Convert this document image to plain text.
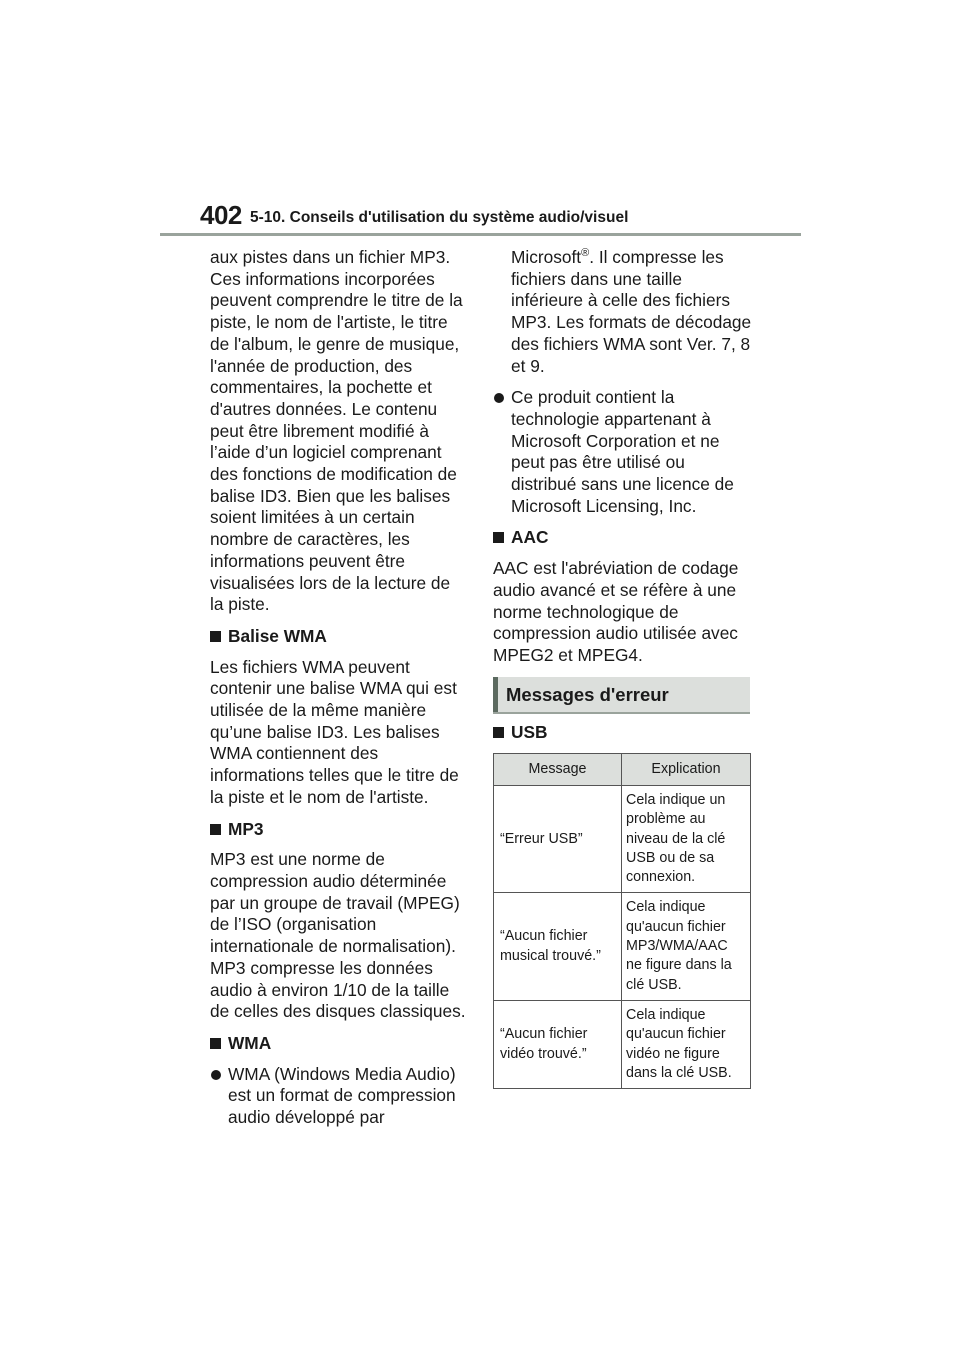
402 5-10. Conseils d'utilisation du système audio/visuel

aux pistes dans un fichier MP3. Ces informations incorporées peuvent comprendre le titre de la piste, le nom de l'artiste, le titre de l'album, le genre de musique, l'année de production, des commentaires, la pochette et d'autres données. Le contenu peut être librement modifié à l’aide d’un logiciel comprenant des fonctions de modification de balise ID3. Bien que les balises soient limitées à un certain nombre de caractères, les informations peuvent être visualisées lors de la lecture de la piste.

Balise WMA

Les fichiers WMA peuvent contenir une balise WMA qui est utilisée de la même manière qu’une balise ID3. Les balises WMA contiennent des informations telles que le titre de la piste et le nom de l'artiste.

MP3

MP3 est une norme de compression audio déterminée par un groupe de travail (MPEG) de l’ISO (organisation internationale de normalisation). MP3 compresse les données audio à environ 1/10 de la taille de celles des disques classiques.

WMA
WMA (Windows Media Audio) est un format de compression audio développé par

Microsoft®. Il compresse les fichiers dans une taille inférieure à celle des fichiers MP3. Les formats de décodage des fichiers WMA sont Ver. 7, 8 et 9.

Ce produit contient la technologie appartenant à Microsoft Corporation et ne peut pas être utilisé ou distribué sans une licence de Microsoft Licensing, Inc.
AAC

AAC est l'abréviation de codage audio avancé et se réfère à une norme technologique de compression audio utilisée avec MPEG2 et MPEG4.

Messages d'erreur
USB
Message	Explication
“Erreur USB”	Cela indique un problème au niveau de la clé USB ou de sa connexion.
“Aucun fichier musical trouvé.”	Cela indique qu'aucun fichier MP3/WMA/AAC ne figure dans la clé USB.
“Aucun fichier vidéo trouvé.”	Cela indique qu'aucun fichier vidéo ne figure dans la clé USB.
